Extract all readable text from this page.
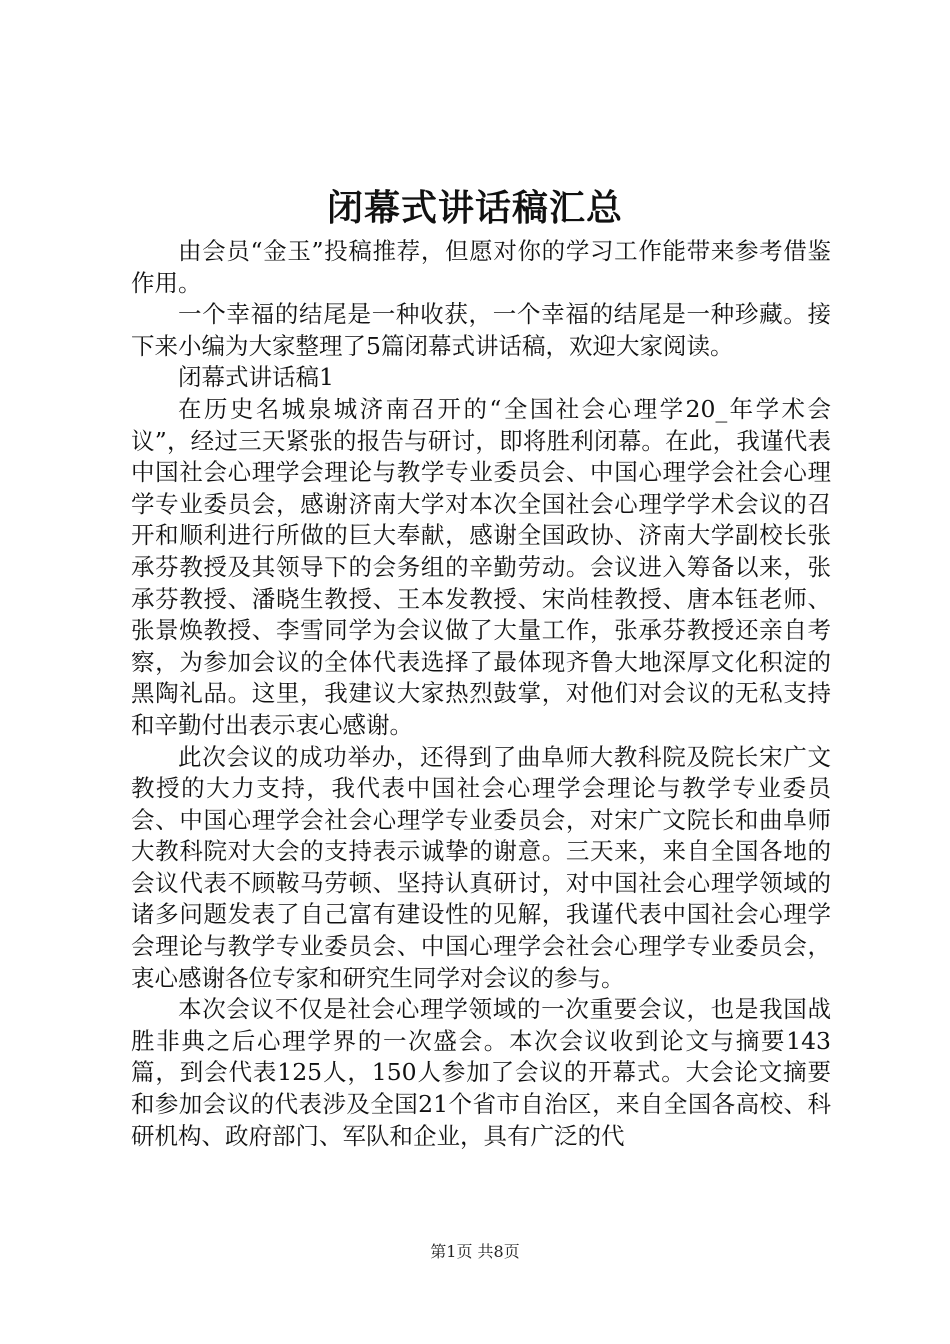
闭幕式讲话稿汇总

由会员“金玉”投稿推荐，但愿对你的学习工作能带来参考借鉴作用。

一个幸福的结尾是一种收获，一个幸福的结尾是一种珍藏。接下来小编为大家整理了5篇闭幕式讲话稿，欢迎大家阅读。

闭幕式讲话稿1

在历史名城泉城济南召开的“全国社会心理学20_年学术会议”，经过三天紧张的报告与研讨，即将胜利闭幕。在此，我谨代表中国社会心理学会理论与教学专业委员会、中国心理学会社会心理学专业委员会，感谢济南大学对本次全国社会心理学学术会议的召开和顺利进行所做的巨大奉献，感谢全国政协、济南大学副校长张承芬教授及其领导下的会务组的辛勤劳动。会议进入筹备以来，张承芬教授、潘晓生教授、王本发教授、宋尚桂教授、唐本钰老师、张景焕教授、李雪同学为会议做了大量工作，张承芬教授还亲自考察，为参加会议的全体代表选择了最体现齐鲁大地深厚文化积淀的黑陶礼品。这里，我建议大家热烈鼓掌，对他们对会议的无私支持和辛勤付出表示衷心感谢。

此次会议的成功举办，还得到了曲阜师大教科院及院长宋广文教授的大力支持，我代表中国社会心理学会理论与教学专业委员会、中国心理学会社会心理学专业委员会，对宋广文院长和曲阜师大教科院对大会的支持表示诚挚的谢意。三天来，来自全国各地的会议代表不顾鞍马劳顿、坚持认真研讨，对中国社会心理学领域的诸多问题发表了自己富有建设性的见解，我谨代表中国社会心理学会理论与教学专业委员会、中国心理学会社会心理学专业委员会，衷心感谢各位专家和研究生同学对会议的参与。

本次会议不仅是社会心理学领域的一次重要会议，也是我国战胜非典之后心理学界的一次盛会。本次会议收到论文与摘要143篇，到会代表125人，150人参加了会议的开幕式。大会论文摘要和参加会议的代表涉及全国21个省市自治区，来自全国各高校、科研机构、政府部门、军队和企业，具有广泛的代

第1页 共8页
